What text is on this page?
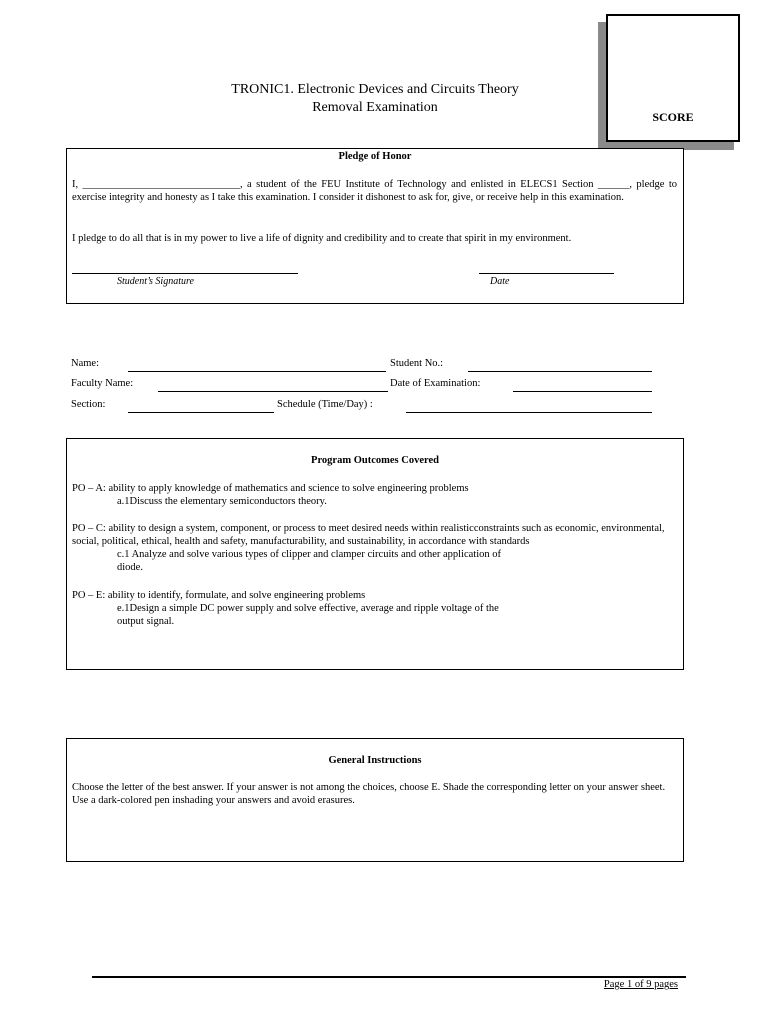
TRONIC1. Electronic Devices and Circuits Theory
Removal Examination
SCORE
Pledge of Honor
I, ______________________________, a student of the FEU Institute of Technology and enlisted in ELECS1 Section ______, pledge to exercise integrity and honesty as I take this examination. I consider it dishonest to ask for, give, or receive help in this examination.
I pledge to do all that is in my power to live a life of dignity and credibility and to create that spirit in my environment.
Student’s Signature	Date
Name:	Student No.:
Faculty Name:	Date of Examination:
Section:	Schedule (Time/Day) :
Program Outcomes Covered
PO – A: ability to apply knowledge of mathematics and science to solve engineering problems
a.1Discuss the elementary semiconductors theory.
PO – C: ability to design a system, component, or process to meet desired needs within realisticconstraints such as economic, environmental, social, political, ethical, health and safety, manufacturability, and sustainability, in accordance with standards
c.1 Analyze and solve various types of clipper and clamper circuits and other application of
diode.
PO – E: ability to identify, formulate, and solve engineering problems
e.1Design a simple DC power supply and solve effective, average and ripple voltage of the
output signal.
General Instructions
Choose the letter of the best answer. If your answer is not among the choices, choose E. Shade the corresponding letter on your answer sheet. Use a dark-colored pen inshading your answers and avoid erasures.
Page 1 of 9 pages
